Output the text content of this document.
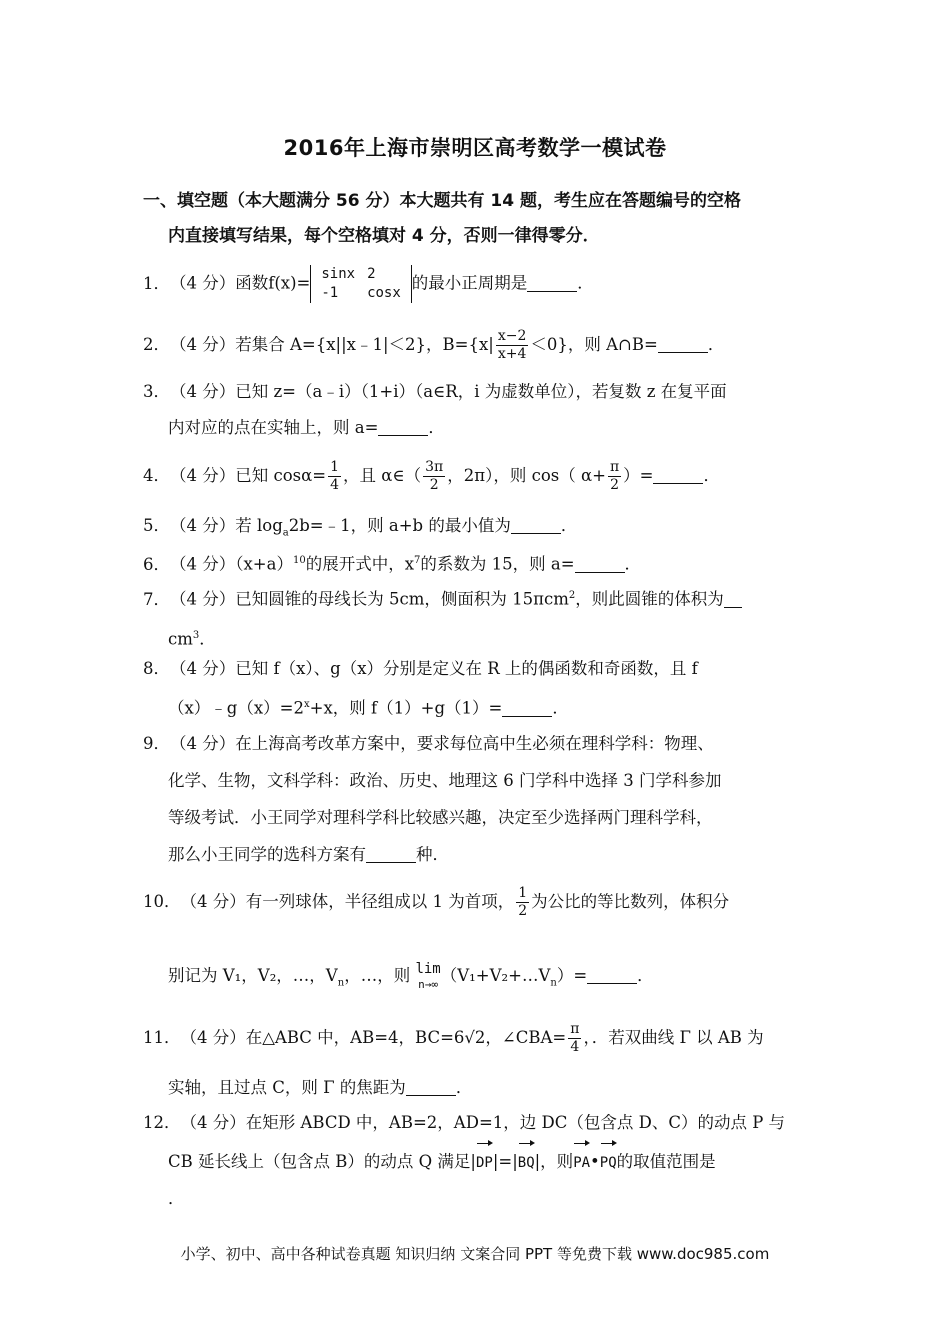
2016年上海市崇明区高考数学一模试卷
一、填空题（本大题满分 56 分）本大题共有 14 题，考生应在答题编号的空格
内直接填写结果，每个空格填对 4 分，否则一律得零分．
1．（4 分）函数f(x)= sinx	2
-1	cosx
的最小正周期是	．
2．（4 分）若集合 A={x||x﹣1|＜2}，$B=\{x| \frac{x-2}{x+4} <0\}$，则 A∩B=	．
3．（4 分）已知 z=（a﹣i）（1+i）（a∈R，i 为虚数单位），若复数 z 在复平面
内对应的点在实轴上，则 a=	．
4．（4 分）已知 $\cos\alpha= \frac{1}{4}$ ，且 α∈（ $\frac{3\pi}{2}$ ，2π），则 cos（ $\alpha+ \frac{\pi}{2}$ ）=	．
5．（4 分）若 $\log_a2b=﹣1$，则 a+b 的最小值为	．
6．（4 分）$(x+a)^{10}$的展开式中，$x^7$的系数为 15，则 a=	．
7．（4 分）已知圆锥的母线长为 5cm，侧面积为 15πcm$^2$，则此圆锥的体积为
$cm^3$．
8．（4 分）已知 f（x）、g（x）分别是定义在 R 上的偶函数和奇函数，且 f
$(x)﹣g(x)=2^x+x$，则 f（1）+g（1）=	．
9．（4 分）在上海高考改革方案中，要求每位高中生必须在理科学科：物理、
化学、生物，文科学科：政治、历史、地理这 6 门学科中选择 3 门学科参加
等级考试．小王同学对理科学科比较感兴趣，决定至少选择两门理科学科，
那么小王同学的选科方案有	种．
10．（4 分）有一列球体，半径组成以 1 为首项， $\frac{1}{2}$ 为公比的等比数列，体积分
别记为 V₁，V₂，…，$V_n$，…，则 lim
n→∞ $(V_1+V_2+\dots V_n)=$	．
11．（4 分）在△ABC 中，AB=4，BC=6√2，∠CBA= $\frac{\pi}{4}$ ，．若双曲线 Γ 以 AB 为
实轴，且过点 C，则 Γ 的焦距为	．
12．（4 分）在矩形 ABCD 中，AB=2，AD=1，边 DC（包含点 D、C）的动点 P 与
CB 延长线上（包含点 B）的动点 Q 满足|DP|=|BQ|，则PA•PQ的取值范围是
．
小学、初中、高中各种试卷真题 知识归纳 文案合同 PPT 等免费下载 www.doc985.com
